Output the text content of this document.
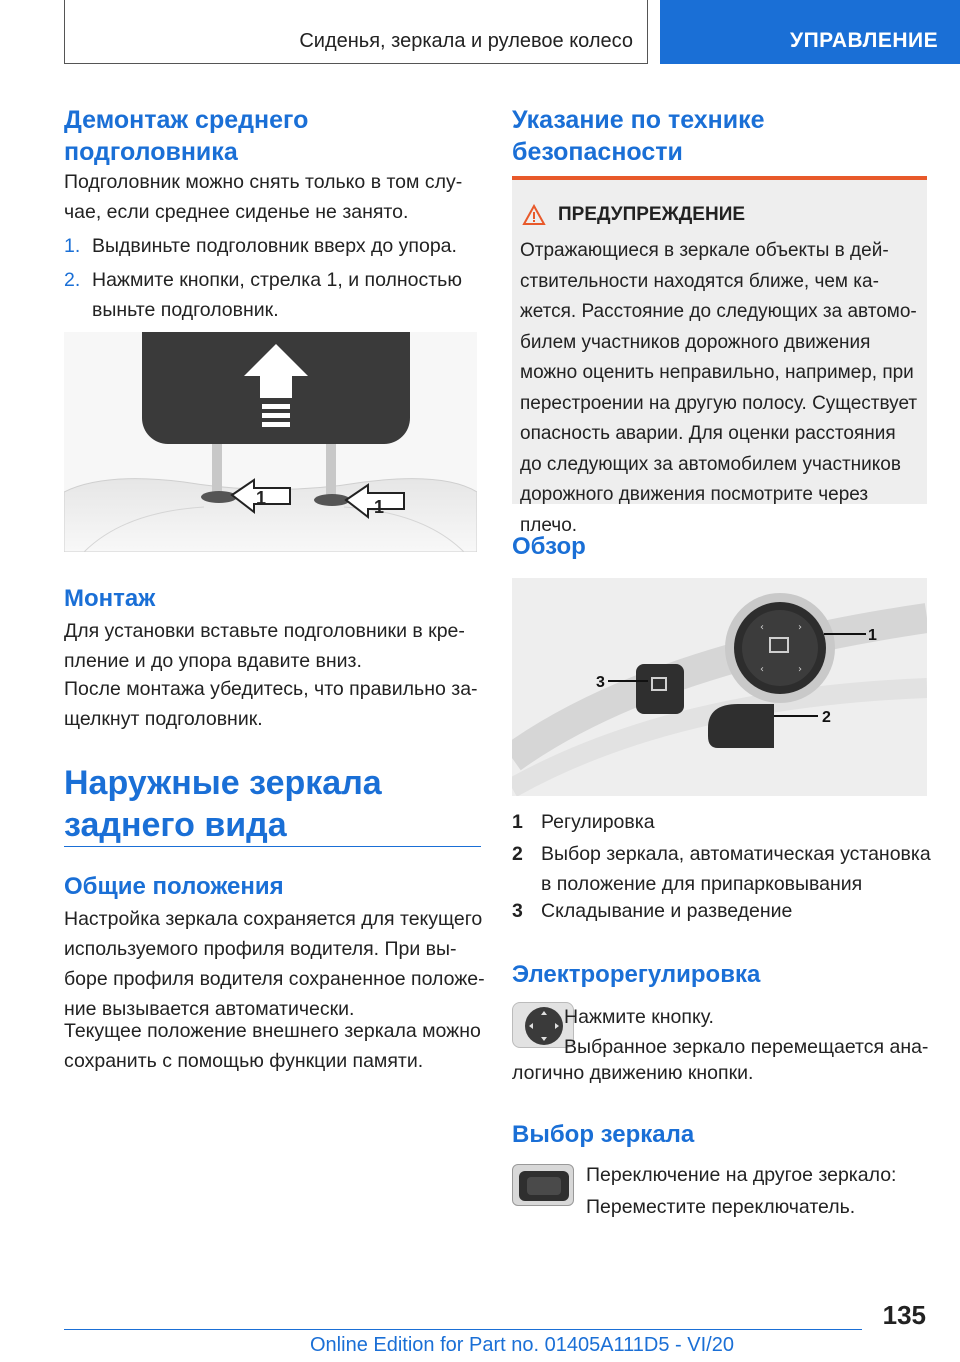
Сиденья, зеркала и рулевое колесо	УПРАВЛЕНИЕ
Демонтаж среднего
подголовника
Подголовник можно снять только в том слу-
чае, если среднее сиденье не занято.
1. Выдвиньте подголовник вверх до упора.
2. Нажмите кнопки, стрелка 1, и полностью
выньте подголовник.
1	1
Монтаж
Для установки вставьте подголовники в кре-
пление и до упора вдавите вниз.
После монтажа убедитесь, что правильно за-
щелкнут подголовник.
Наружные зеркала
заднего вида
Общие положения
Настройка зеркала сохраняется для текущего
используемого профиля водителя. При вы-
боре профиля водителя сохраненное положе-
ние вызывается автоматически.
Текущее положение внешнего зеркала можно
сохранить с помощью функции памяти.
Указание по технике
безопасности
ПРЕДУПРЕЖДЕНИЕ
Отражающиеся в зеркале объекты в дей-
ствительности находятся ближе, чем ка-
жется. Расстояние до следующих за автомо-
билем участников дорожного движения
можно оценить неправильно, например, при
перестроении на другую полосу. Существует
опасность аварии. Для оценки расстояния
до следующих за автомобилем участников
дорожного движения посмотрите через
плечо.
Обзор
‹	›
‹	›
1
2
3
1 Регулировка
2 Выбор зеркала, автоматическая установка
в положение для припарковывания
3 Складывание и разведение
Электрорегулировка
Нажмите кнопку.
Выбранное зеркало перемещается ана-
логично движению кнопки.
Выбор зеркала
Переключение на другое зеркало:
Переместите переключатель.
135
Online Edition for Part no. 01405A111D5 - VI/20
